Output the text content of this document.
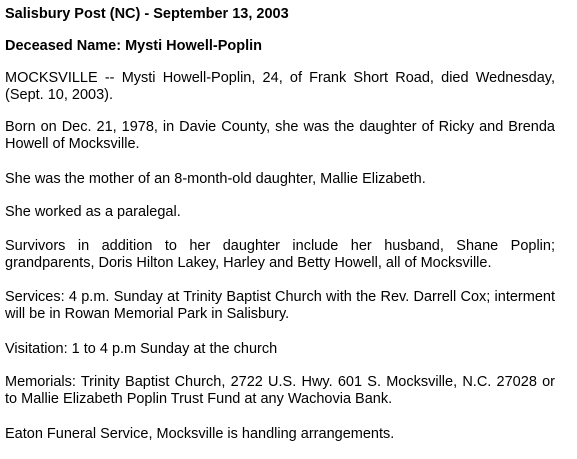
Salisbury Post (NC) - September 13, 2003
Deceased Name: Mysti Howell-Poplin
MOCKSVILLE -- Mysti Howell-Poplin, 24, of Frank Short Road, died Wednesday, (Sept. 10, 2003).
Born on Dec. 21, 1978, in Davie County, she was the daughter of Ricky and Brenda Howell of Mocksville.
She was the mother of an 8-month-old daughter, Mallie Elizabeth.
She worked as a paralegal.
Survivors in addition to her daughter include her husband, Shane Poplin; grandparents, Doris Hilton Lakey, Harley and Betty Howell, all of Mocksville.
Services: 4 p.m. Sunday at Trinity Baptist Church with the Rev. Darrell Cox; interment will be in Rowan Memorial Park in Salisbury.
Visitation: 1 to 4 p.m Sunday at the church
Memorials: Trinity Baptist Church, 2722 U.S. Hwy. 601 S. Mocksville, N.C. 27028 or to Mallie Elizabeth Poplin Trust Fund at any Wachovia Bank.
Eaton Funeral Service, Mocksville is handling arrangements.
